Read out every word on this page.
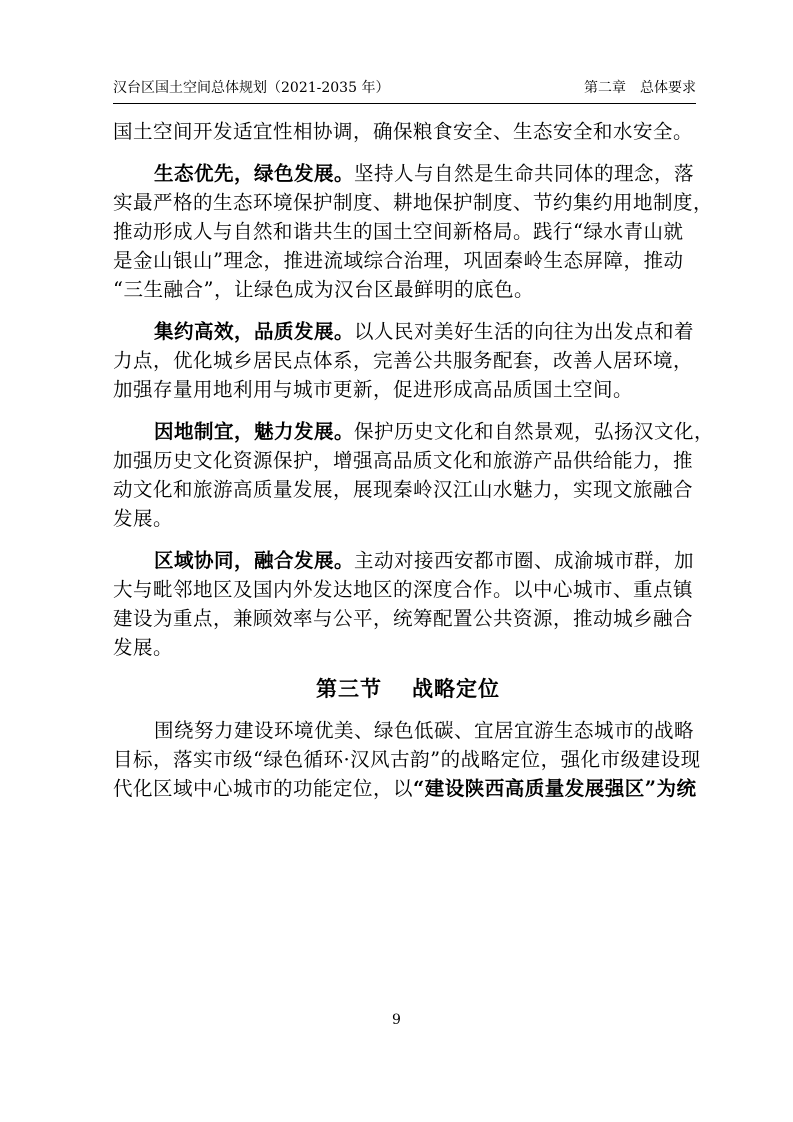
汉台区国土空间总体规划（2021-2035 年）	第二章　总体要求
国土空间开发适宜性相协调，确保粮食安全、生态安全和水安全。
生态优先，绿色发展。坚持人与自然是生命共同体的理念，落
实最严格的生态环境保护制度、耕地保护制度、节约集约用地制度，
推动形成人与自然和谐共生的国土空间新格局。践行“绿水青山就
是金山银山”理念，推进流域综合治理，巩固秦岭生态屏障，推动
“三生融合”，让绿色成为汉台区最鲜明的底色。
集约高效，品质发展。以人民对美好生活的向往为出发点和着
力点，优化城乡居民点体系，完善公共服务配套，改善人居环境，
加强存量用地利用与城市更新，促进形成高品质国土空间。
因地制宜，魅力发展。保护历史文化和自然景观，弘扬汉文化，
加强历史文化资源保护，增强高品质文化和旅游产品供给能力，推
动文化和旅游高质量发展，展现秦岭汉江山水魅力，实现文旅融合
发展。
区域协同，融合发展。主动对接西安都市圈、成渝城市群，加
大与毗邻地区及国内外发达地区的深度合作。以中心城市、重点镇
建设为重点，兼顾效率与公平，统筹配置公共资源，推动城乡融合
发展。
第三节 战略定位
围绕努力建设环境优美、绿色低碳、宜居宜游生态城市的战略
目标，落实市级“绿色循环·汉风古韵”的战略定位，强化市级建设现
代化区域中心城市的功能定位，以“建设陕西高质量发展强区”为统
9
